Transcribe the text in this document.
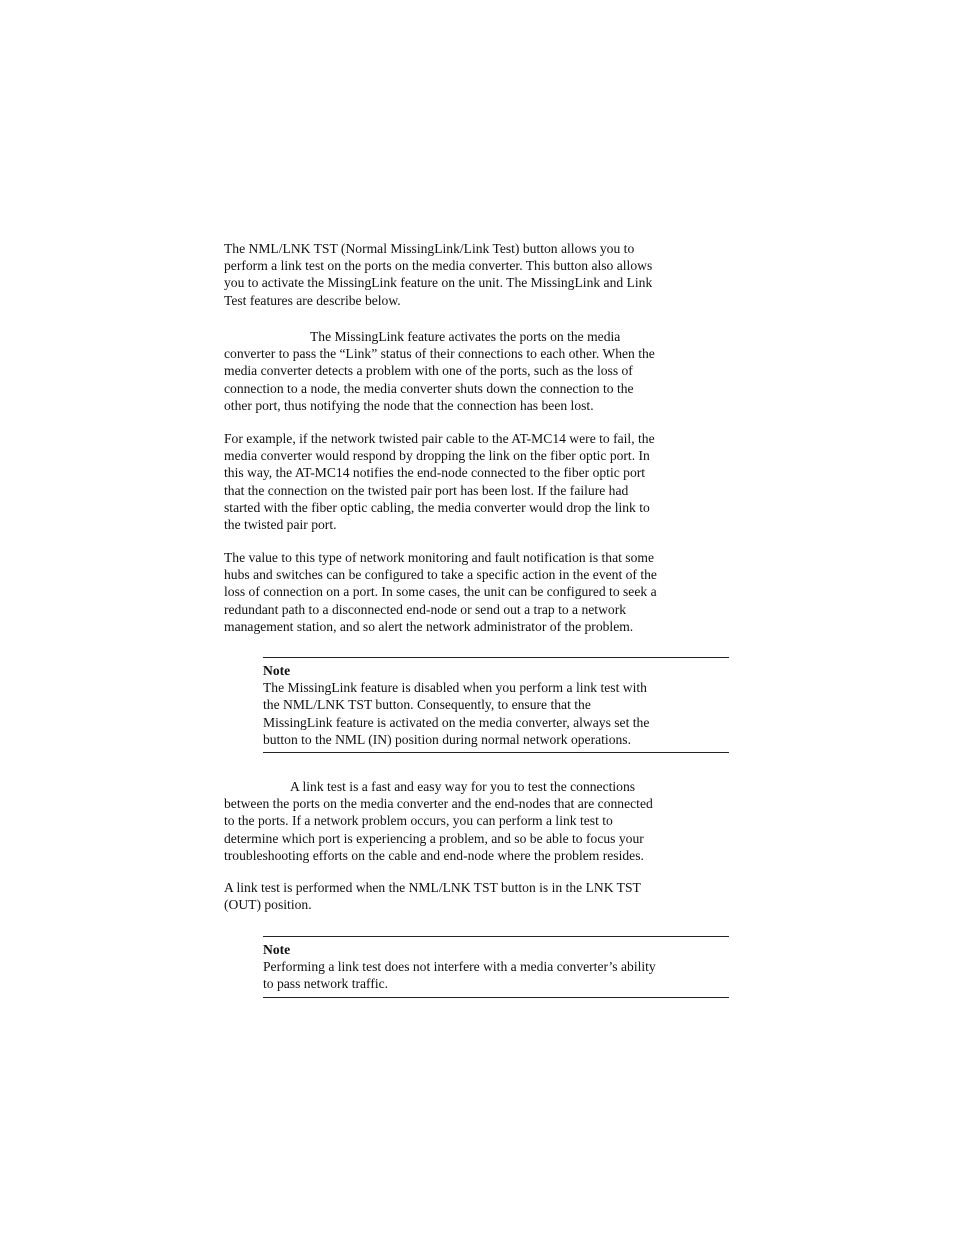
The NML/LNK TST (Normal MissingLink/Link Test) button allows you to
perform a link test on the ports on the media converter. This button also allows
you to activate the MissingLink feature on the unit. The MissingLink and Link
Test features are describe below.

The MissingLink feature activates the ports on the media
converter to pass the “Link” status of their connections to each other. When the
media converter detects a problem with one of the ports, such as the loss of
connection to a node, the media converter shuts down the connection to the
other port, thus notifying the node that the connection has been lost.

For example, if the network twisted pair cable to the AT-MC14 were to fail, the
media converter would respond by dropping the link on the fiber optic port. In
this way, the AT-MC14 notifies the end-node connected to the fiber optic port
that the connection on the twisted pair port has been lost. If the failure had
started with the fiber optic cabling, the media converter would drop the link to
the twisted pair port.

The value to this type of network monitoring and fault notification is that some
hubs and switches can be configured to take a specific action in the event of the
loss of connection on a port. In some cases, the unit can be configured to seek a
redundant path to a disconnected end-node or send out a trap to a network
management station, and so alert the network administrator of the problem.

Note
The MissingLink feature is disabled when you perform a link test with
the NML/LNK TST button. Consequently, to ensure that the
MissingLink feature is activated on the media converter, always set the
button to the NML (IN) position during normal network operations.

A link test is a fast and easy way for you to test the connections
between the ports on the media converter and the end-nodes that are connected
to the ports. If a network problem occurs, you can perform a link test to
determine which port is experiencing a problem, and so be able to focus your
troubleshooting efforts on the cable and end-node where the problem resides.

A link test is performed when the NML/LNK TST button is in the LNK TST
(OUT) position.

Note
Performing a link test does not interfere with a media converter’s ability
to pass network traffic.
